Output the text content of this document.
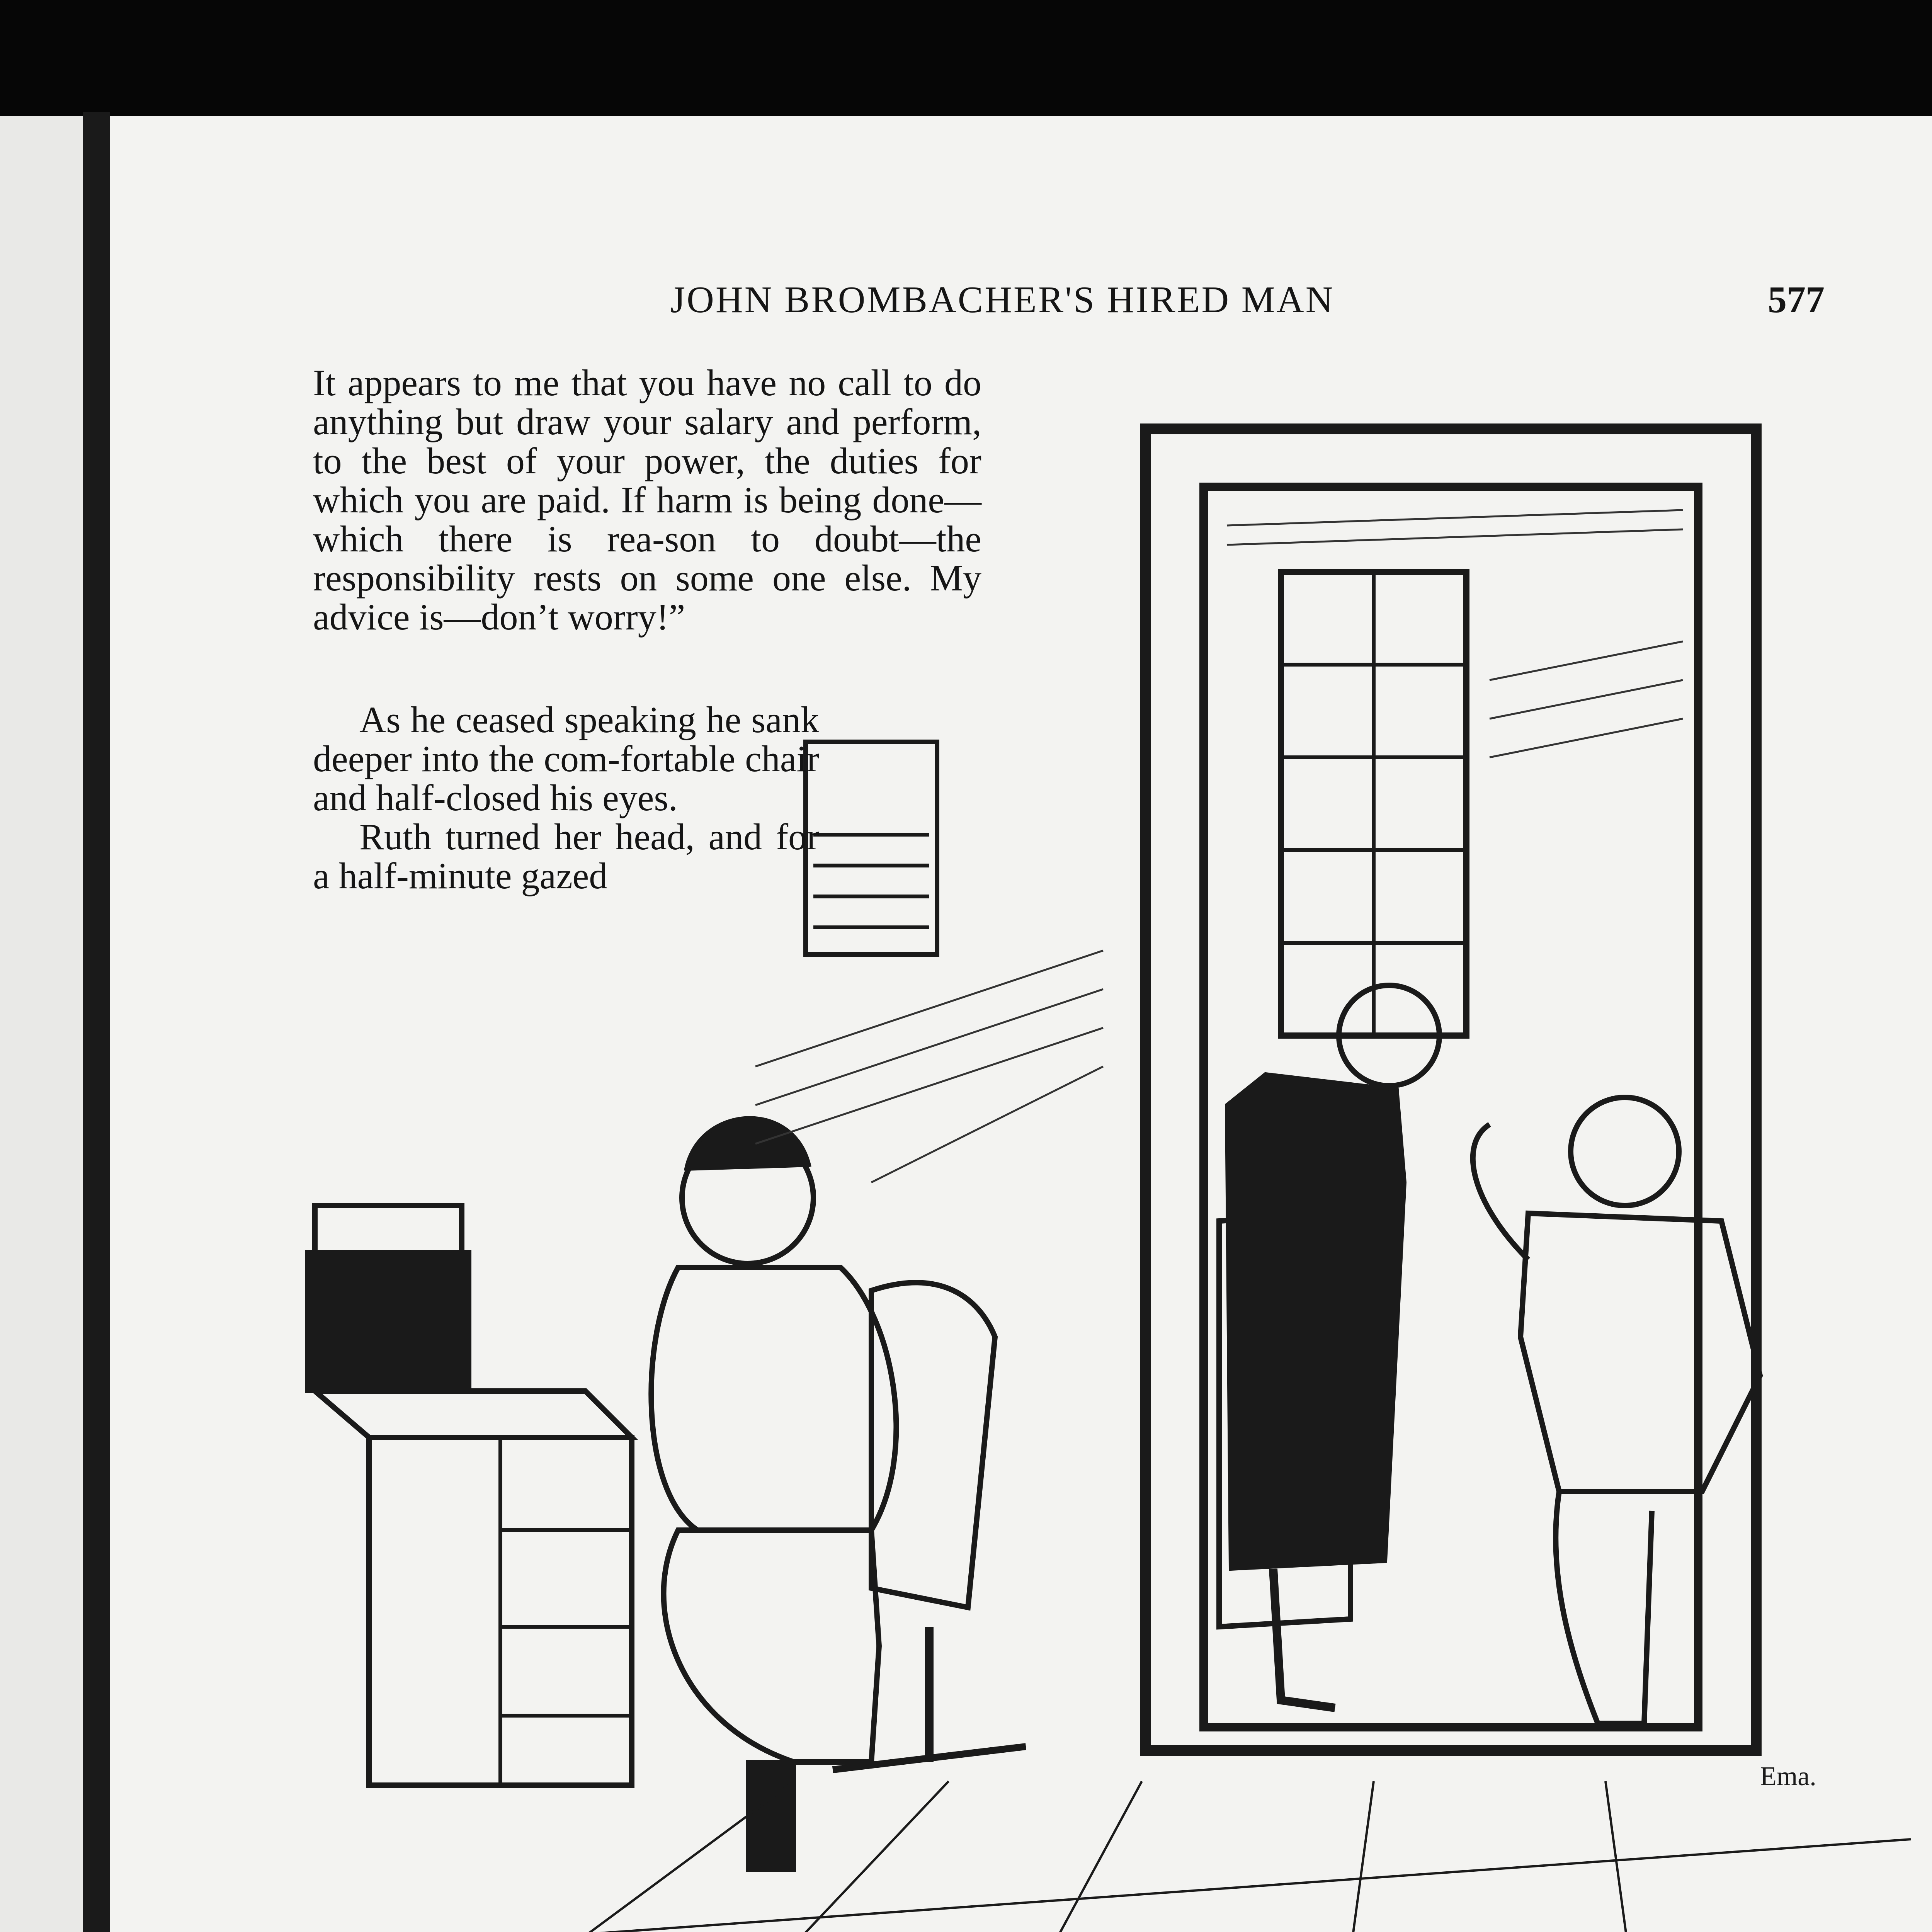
JOHN BROMBACHER'S HIRED MAN	577
Ema.

It appears to me that you have no call to do anything but draw your salary and perform, to the best of your power, the duties for which you are paid. If harm is being done—which there is rea-son to doubt—the responsibility rests on some one else. My advice is—don’t worry!”

As he ceased speaking he sank deeper into the com-fortable chair and half-closed his eyes.

Ruth turned her head, and for a half-minute gazed
